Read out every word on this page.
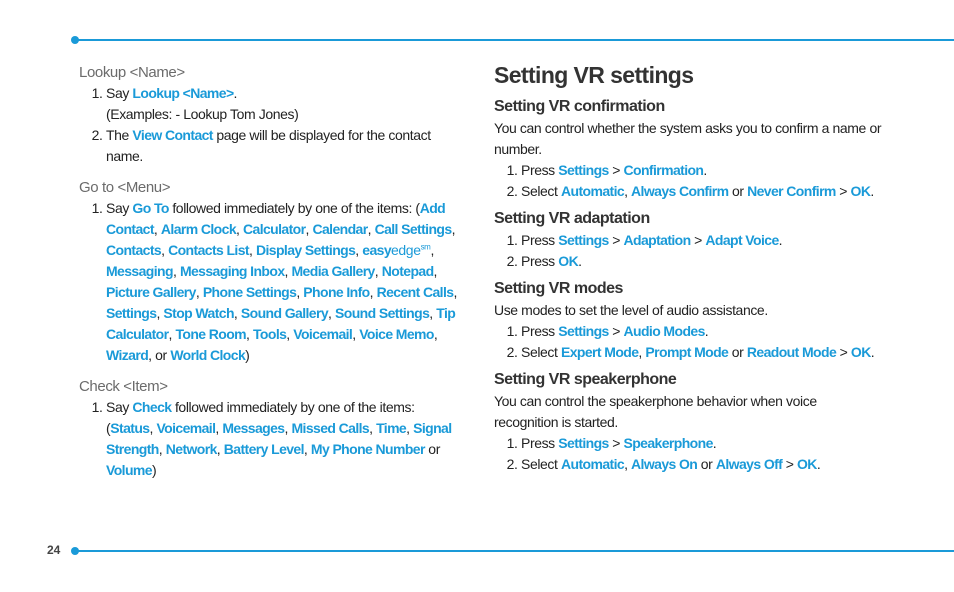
Lookup <Name>
1. Say Lookup <Name>.
(Examples: - Lookup Tom Jones)
2. The View Contact page will be displayed for the contact name.
Go to <Menu>
1. Say Go To followed immediately by one of the items: (Add Contact, Alarm Clock, Calculator, Calendar, Call Settings, Contacts, Contacts List, Display Settings, easyedge$^{sm}$, Messaging, Messaging Inbox, Media Gallery, Notepad, Picture Gallery, Phone Settings, Phone Info, Recent Calls, Settings, Stop Watch, Sound Gallery, Sound Settings, Tip Calculator, Tone Room, Tools, Voicemail, Voice Memo, Wizard, or World Clock)
Check <Item>
1. Say Check followed immediately by one of the items: (Status, Voicemail, Messages, Missed Calls, Time, Signal Strength, Network, Battery Level, My Phone Number or Volume)
Setting VR settings
Setting VR confirmation
You can control whether the system asks you to confirm a name or number.
1. Press Settings > Confirmation.
2. Select Automatic, Always Confirm or Never Confirm > OK.
Setting VR adaptation
1. Press Settings > Adaptation > Adapt Voice.
2. Press OK.
Setting VR modes
Use modes to set the level of audio assistance.
1. Press Settings > Audio Modes.
2. Select Expert Mode, Prompt Mode or Readout Mode > OK.
Setting VR speakerphone
You can control the speakerphone behavior when voice recognition is started.
1. Press Settings > Speakerphone.
2. Select Automatic, Always On or Always Off > OK.
24
